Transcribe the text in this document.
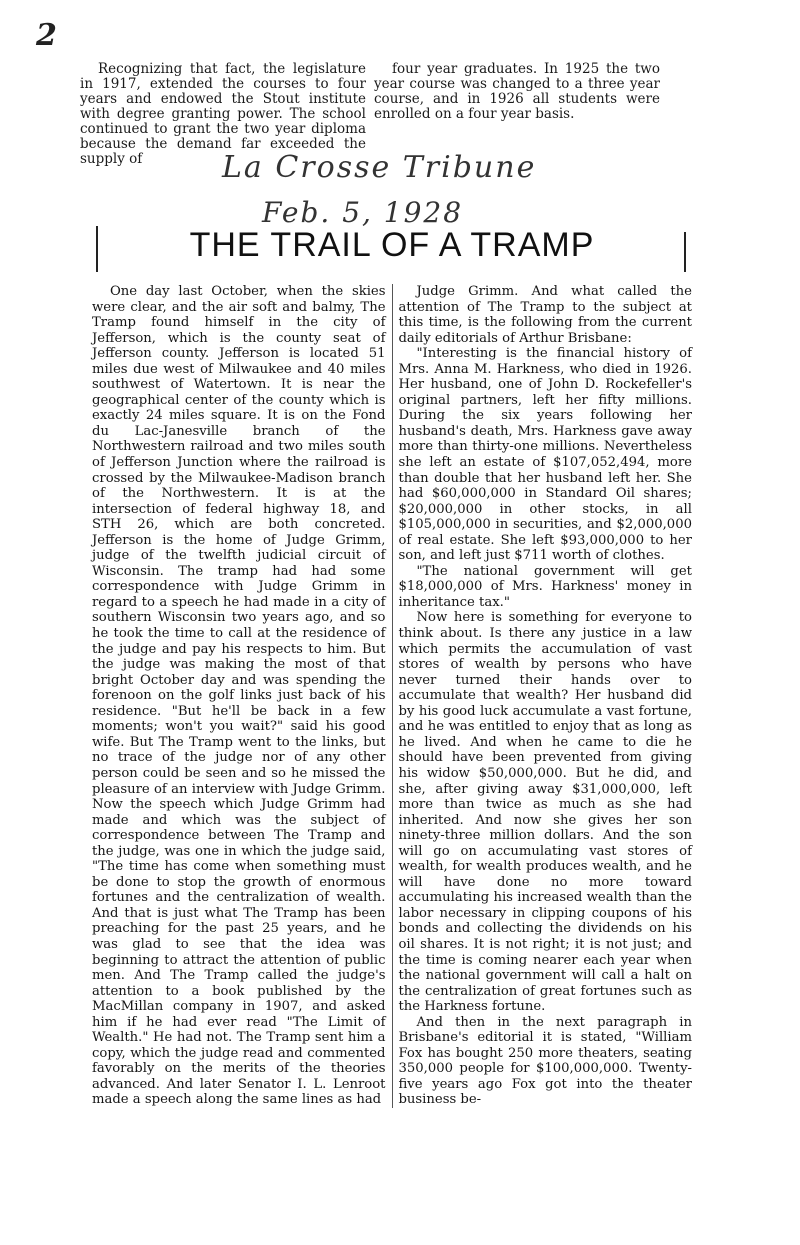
2

Recognizing that fact, the legislature in 1917, extended the courses to four years and endowed the Stout institute with degree granting power. The school continued to grant the two year diploma because the demand far exceeded the supply of

four year graduates. In 1925 the two year course was changed to a three year course, and in 1926 all students were enrolled on a four year basis.

La Crosse Tribune
Feb. 5, 1928
THE TRAIL OF A TRAMP

One day last October, when the skies were clear, and the air soft and balmy, The Tramp found himself in the city of Jefferson, which is the county seat of Jefferson county. Jefferson is located 51 miles due west of Milwaukee and 40 miles southwest of Watertown. It is near the geographical center of the county which is exactly 24 miles square. It is on the Fond du Lac-Janesville branch of the Northwestern railroad and two miles south of Jefferson Junction where the railroad is crossed by the Milwaukee-Madison branch of the Northwestern. It is at the intersection of federal highway 18, and STH 26, which are both concreted. Jefferson is the home of Judge Grimm, judge of the twelfth judicial circuit of Wisconsin. The tramp had had some correspondence with Judge Grimm in regard to a speech he had made in a city of southern Wisconsin two years ago, and so he took the time to call at the residence of the judge and pay his respects to him. But the judge was making the most of that bright October day and was spending the forenoon on the golf links just back of his residence. "But he'll be back in a few moments; won't you wait?" said his good wife. But The Tramp went to the links, but no trace of the judge nor of any other person could be seen and so he missed the pleasure of an interview with Judge Grimm. Now the speech which Judge Grimm had made and which was the subject of correspondence between The Tramp and the judge, was one in which the judge said, "The time has come when something must be done to stop the growth of enormous fortunes and the centralization of wealth. And that is just what The Tramp has been preaching for the past 25 years, and he was glad to see that the idea was beginning to attract the attention of public men. And The Tramp called the judge's attention to a book published by the MacMillan company in 1907, and asked him if he had ever read "The Limit of Wealth." He had not. The Tramp sent him a copy, which the judge read and commented favorably on the merits of the theories advanced. And later Senator I. L. Lenroot made a speech along the same lines as had

Judge Grimm. And what called the attention of The Tramp to the subject at this time, is the following from the current daily editorials of Arthur Brisbane:

"Interesting is the financial history of Mrs. Anna M. Harkness, who died in 1926. Her husband, one of John D. Rockefeller's original partners, left her fifty millions. During the six years following her husband's death, Mrs. Harkness gave away more than thirty-one millions. Nevertheless she left an estate of $107,052,494, more than double that her husband left her. She had $60,000,000 in Standard Oil shares; $20,000,000 in other stocks, in all $105,000,000 in securities, and $2,000,000 of real estate. She left $93,000,000 to her son, and left just $711 worth of clothes.

"The national government will get $18,000,000 of Mrs. Harkness' money in inheritance tax."

Now here is something for everyone to think about. Is there any justice in a law which permits the accumulation of vast stores of wealth by persons who have never turned their hands over to accumulate that wealth? Her husband did by his good luck accumulate a vast fortune, and he was entitled to enjoy that as long as he lived. And when he came to die he should have been prevented from giving his widow $50,000,000. But he did, and she, after giving away $31,000,000, left more than twice as much as she had inherited. And now she gives her son ninety-three million dollars. And the son will go on accumulating vast stores of wealth, for wealth produces wealth, and he will have done no more toward accumulating his increased wealth than the labor necessary in clipping coupons of his bonds and collecting the dividends on his oil shares. It is not right; it is not just; and the time is coming nearer each year when the national government will call a halt on the centralization of great fortunes such as the Harkness fortune.

And then in the next paragraph in Brisbane's editorial it is stated, "William Fox has bought 250 more theaters, seating 350,000 people for $100,000,000. Twenty-five years ago Fox got into the theater business be-
